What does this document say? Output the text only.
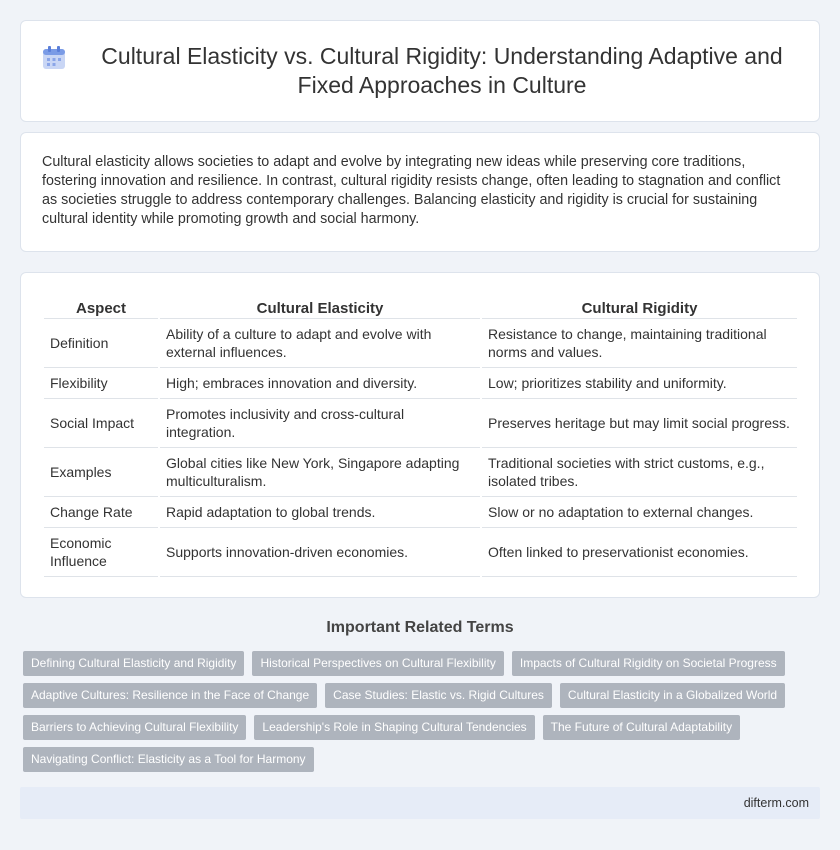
Cultural Elasticity vs. Cultural Rigidity: Understanding Adaptive and Fixed Approaches in Culture

Cultural elasticity allows societies to adapt and evolve by integrating new ideas while preserving core traditions, fostering innovation and resilience. In contrast, cultural rigidity resists change, often leading to stagnation and conflict as societies struggle to address contemporary challenges. Balancing elasticity and rigidity is crucial for sustaining cultural identity while promoting growth and social harmony.

Aspect	Cultural Elasticity	Cultural Rigidity
Definition	Ability of a culture to adapt and evolve with external influences.	Resistance to change, maintaining traditional norms and values.
Flexibility	High; embraces innovation and diversity.	Low; prioritizes stability and uniformity.
Social Impact	Promotes inclusivity and cross-cultural integration.	Preserves heritage but may limit social progress.
Examples	Global cities like New York, Singapore adapting multiculturalism.	Traditional societies with strict customs, e.g., isolated tribes.
Change Rate	Rapid adaptation to global trends.	Slow or no adaptation to external changes.
Economic Influence	Supports innovation-driven economies.	Often linked to preservationist economies.
Important Related Terms
Defining Cultural Elasticity and Rigidity	Historical Perspectives on Cultural Flexibility	Impacts of Cultural Rigidity on Societal Progress
Adaptive Cultures: Resilience in the Face of Change	Case Studies: Elastic vs. Rigid Cultures	Cultural Elasticity in a Globalized World
Barriers to Achieving Cultural Flexibility	Leadership's Role in Shaping Cultural Tendencies	The Future of Cultural Adaptability
Navigating Conflict: Elasticity as a Tool for Harmony
difterm.com
